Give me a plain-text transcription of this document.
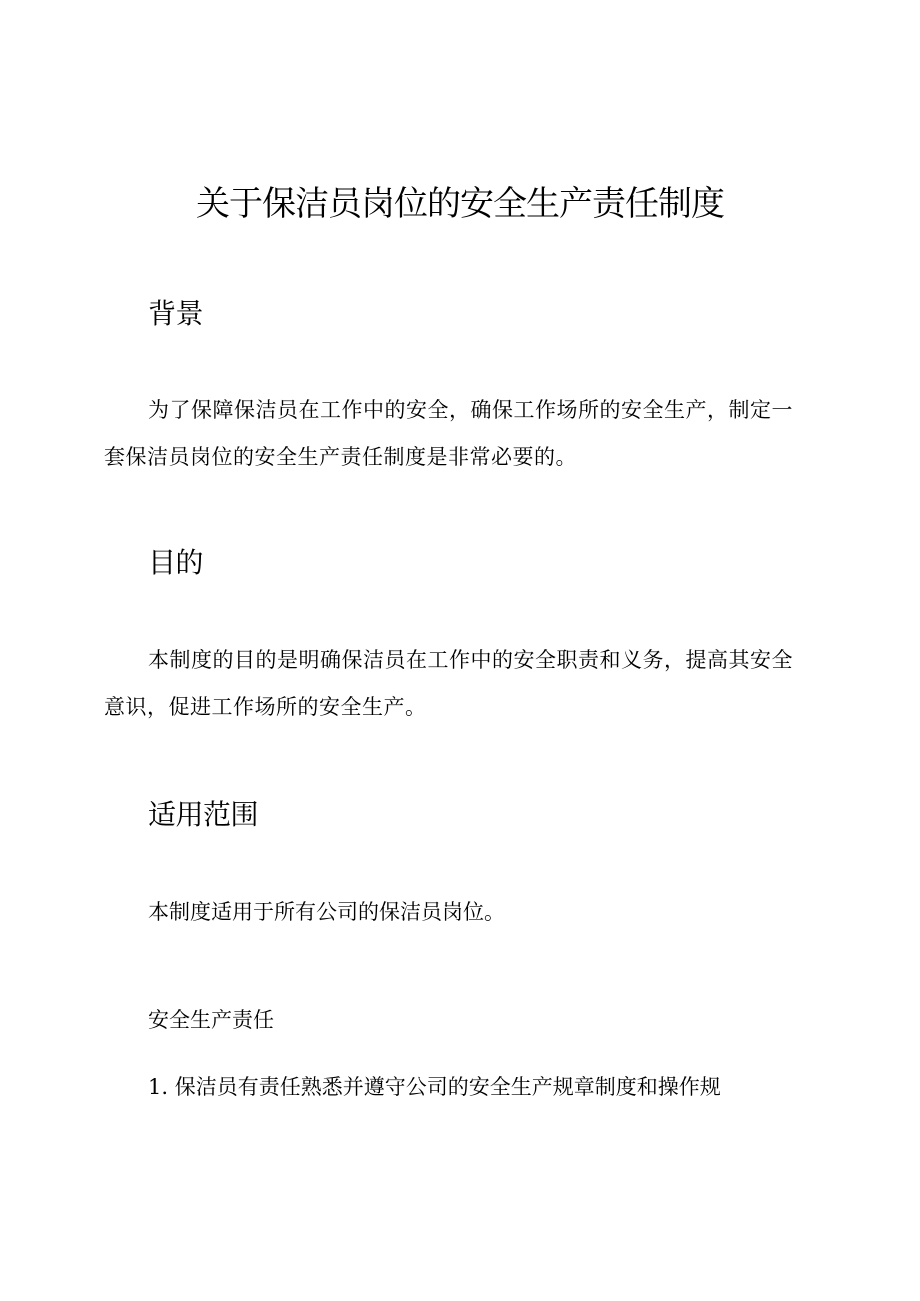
关于保洁员岗位的安全生产责任制度
背景
为了保障保洁员在工作中的安全，确保工作场所的安全生产，制定一套保洁员岗位的安全生产责任制度是非常必要的。
目的
本制度的目的是明确保洁员在工作中的安全职责和义务，提高其安全意识，促进工作场所的安全生产。
适用范围
本制度适用于所有公司的保洁员岗位。
安全生产责任
1. 保洁员有责任熟悉并遵守公司的安全生产规章制度和操作规
